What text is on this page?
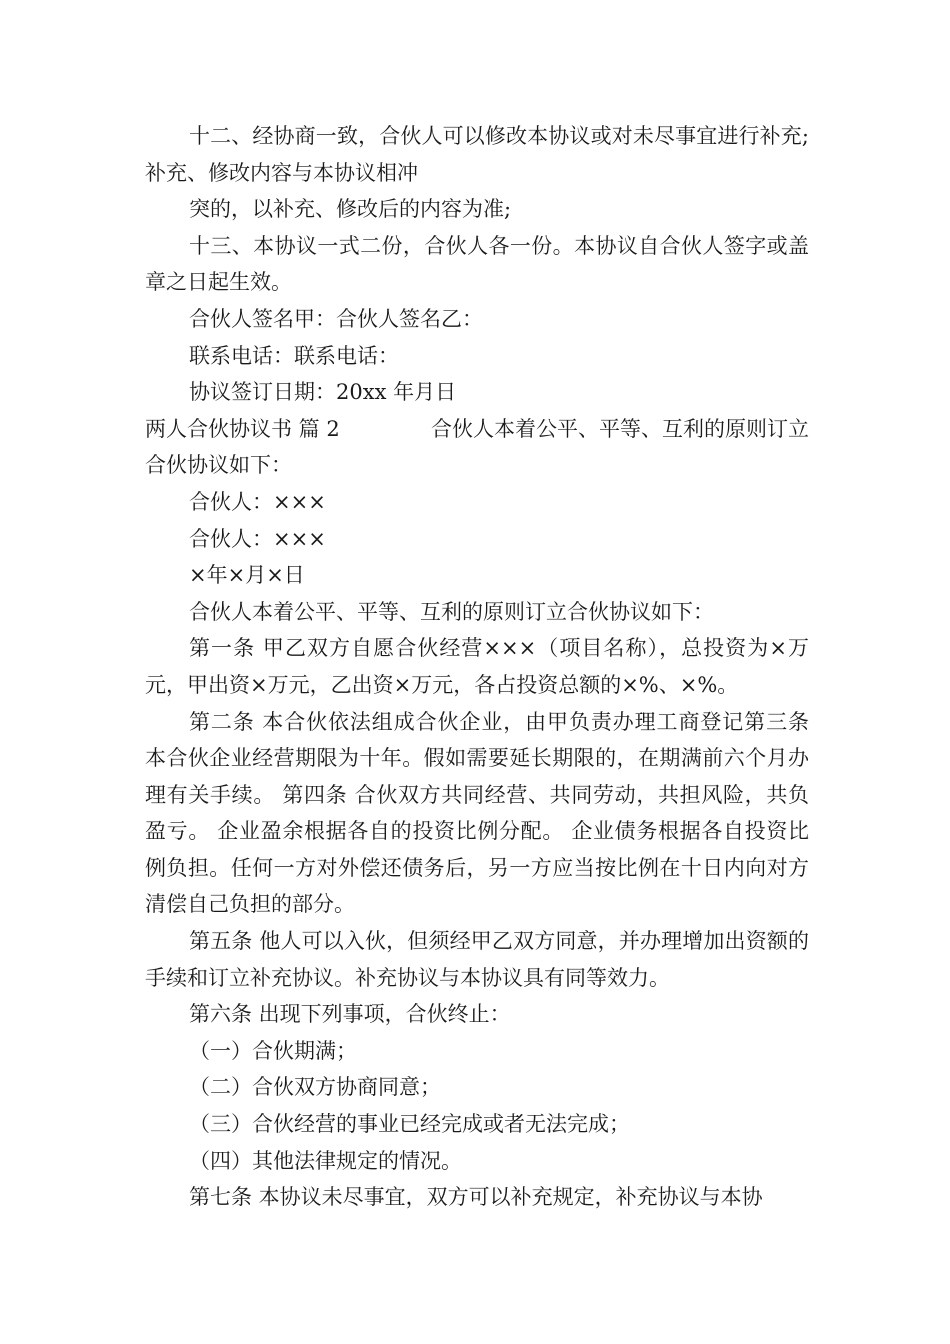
十二、经协商一致，合伙人可以修改本协议或对未尽事宜进行补充;补充、修改内容与本协议相冲

突的，以补充、修改后的内容为准;

十三、本协议一式二份，合伙人各一份。本协议自合伙人签字或盖章之日起生效。

合伙人签名甲：合伙人签名乙：

联系电话：联系电话：

协议签订日期：20xx 年月日

两人合伙协议书 篇 2	合伙人本着公平、平等、互利的原则订立

合伙协议如下：

合伙人：×××

合伙人：×××

×年×月×日

合伙人本着公平、平等、互利的原则订立合伙协议如下：

第一条 甲乙双方自愿合伙经营×××（项目名称），总投资为×万元，甲出资×万元，乙出资×万元，各占投资总额的×%、×%。

第二条 本合伙依法组成合伙企业，由甲负责办理工商登记第三条 本合伙企业经营期限为十年。假如需要延长期限的，在期满前六个月办理有关手续。 第四条 合伙双方共同经营、共同劳动，共担风险，共负盈亏。 企业盈余根据各自的投资比例分配。 企业债务根据各自投资比例负担。任何一方对外偿还债务后，另一方应当按比例在十日内向对方清偿自己负担的部分。

第五条 他人可以入伙，但须经甲乙双方同意，并办理增加出资额的手续和订立补充协议。补充协议与本协议具有同等效力。

第六条 出现下列事项，合伙终止：

（一）合伙期满；

（二）合伙双方协商同意；

（三）合伙经营的事业已经完成或者无法完成；

（四）其他法律规定的情况。

第七条 本协议未尽事宜，双方可以补充规定，补充协议与本协
